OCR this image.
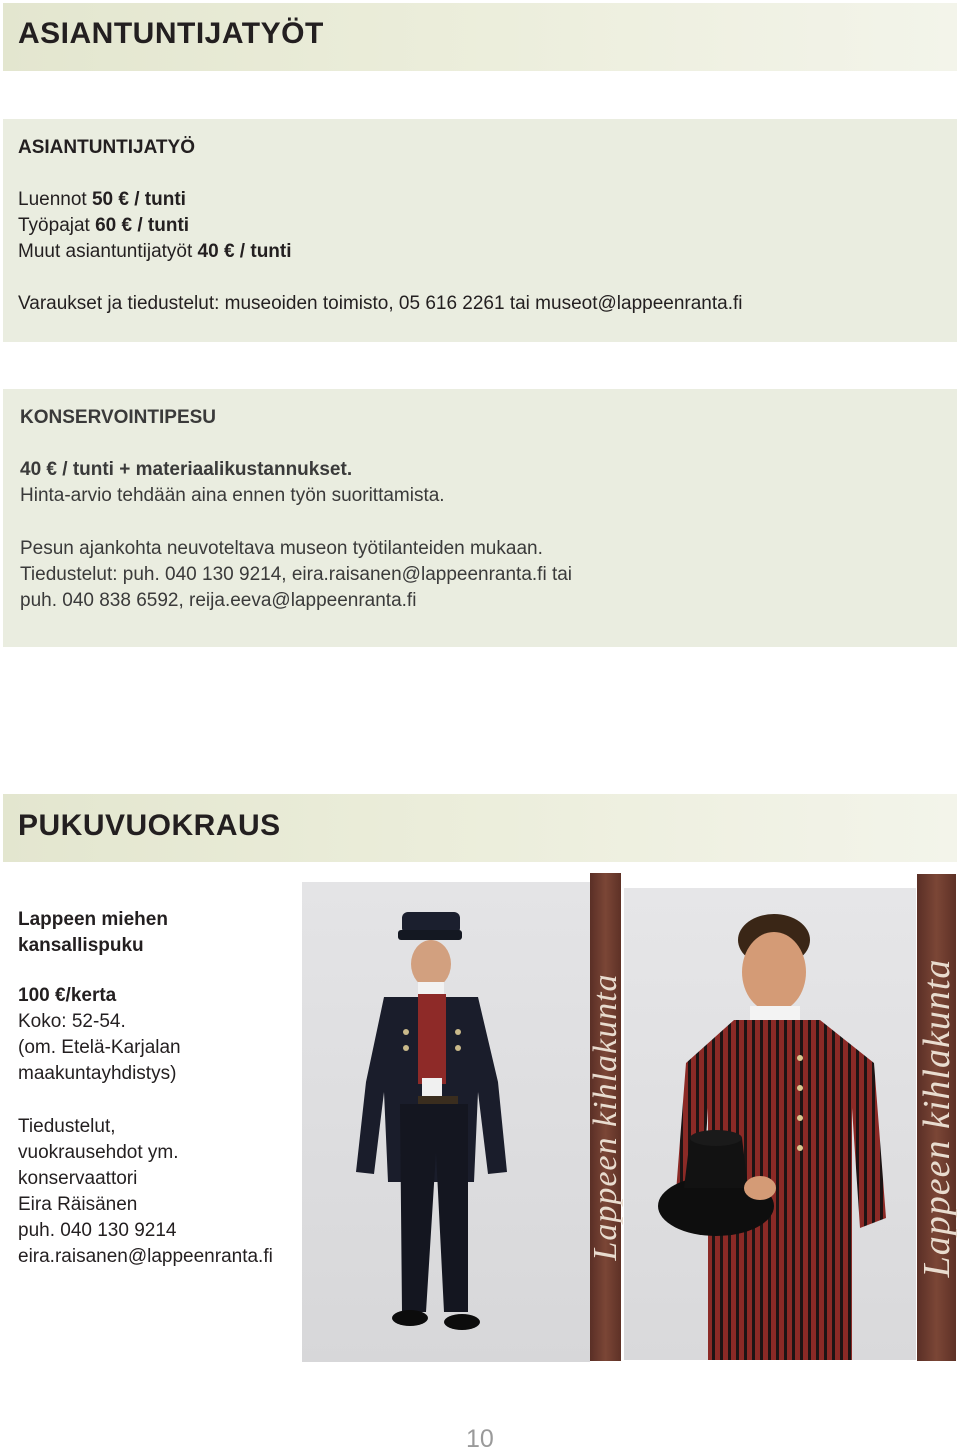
ASIANTUNTIJATYÖT
ASIANTUNTIJATYÖ
Luennot 50 € / tunti
Työpajat 60 € / tunti
Muut asiantuntijatyöt 40 € / tunti
Varaukset ja tiedustelut: museoiden toimisto, 05 616 2261 tai museot@lappeenranta.fi
KONSERVOINTIPESU
40 € / tunti + materiaalikustannukset.
Hinta-arvio tehdään aina ennen työn suorittamista.
Pesun ajankohta neuvoteltava museon työtilanteiden mukaan.
Tiedustelut: puh. 040 130 9214, eira.raisanen@lappeenranta.fi tai
puh. 040 838 6592, reija.eeva@lappeenranta.fi
PUKUVUOKRAUS
Lappeen miehen
kansallispuku
100 €/kerta
Koko: 52-54.
(om. Etelä-Karjalan
maakuntayhdistys)
Tiedustelut,
vuokrausehdot ym.
konservaattori
Eira Räisänen
puh. 040 130 9214
eira.raisanen@lappeenranta.fi	Lappeen kihlakunta	Lappeen kihlakunta
10
